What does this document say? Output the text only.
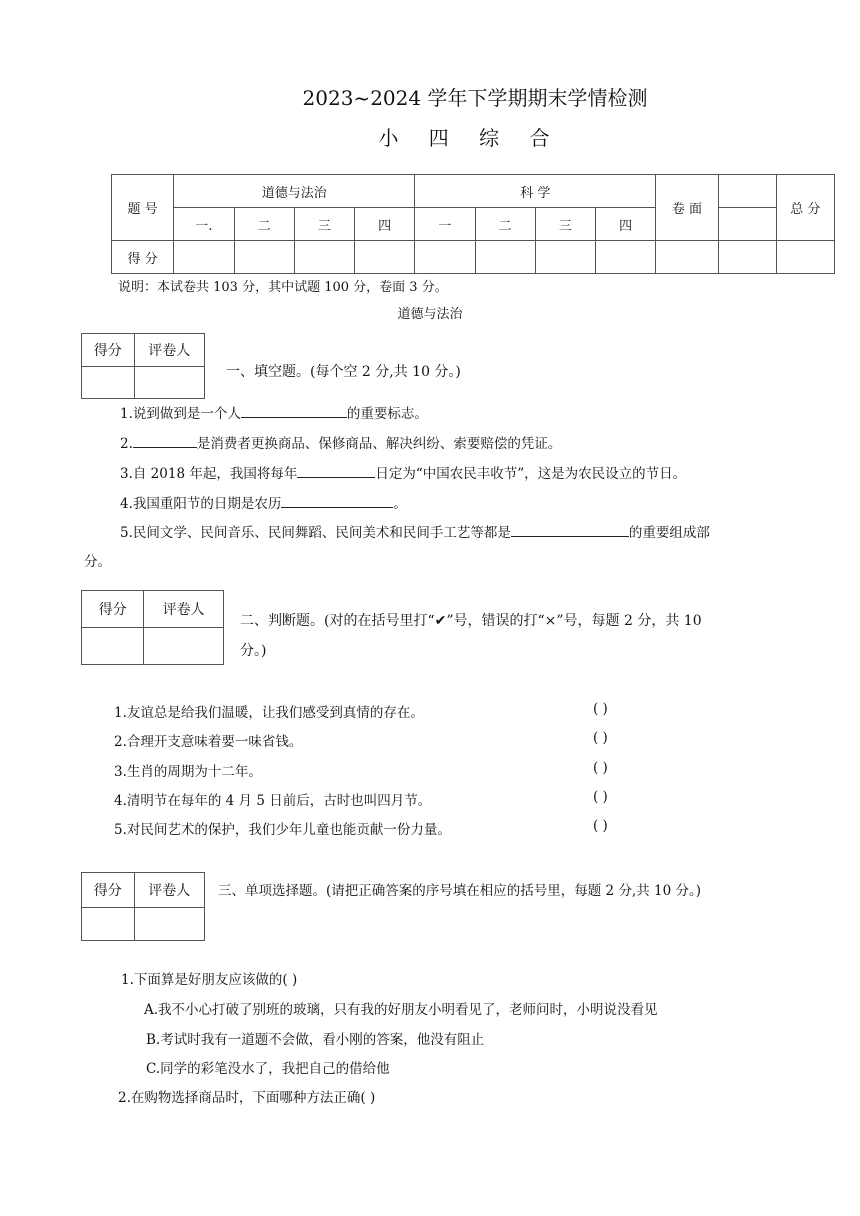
2023~2024 学年下学期期末学情检测
小 四 综 合
题 号	道德与法治				科 学				卷 面		总 分
	一.	二	三	四	一	二	三	四			
得 分											
说明：本试卷共 103 分，其中试题 100 分，卷面 3 分。
道德与法治
得分	评卷人

一、填空题。(每个空 2 分,共 10 分。)
1.说到做到是一个人	的重要标志。
2.	是消费者更换商品、保修商品、解决纠纷、索要赔偿的凭证。
3.自 2018 年起，我国将每年	日定为“中国农民丰收节”，这是为农民设立的节日。
4.我国重阳节的日期是农历	。
5.民间文学、民间音乐、民间舞蹈、民间美术和民间手工艺等都是	的重要组成部
分。
得分	评卷人

二、判断题。(对的在括号里打“✔”号，错误的打“×”号，每题 2 分，共 10
分。)
1.友谊总是给我们温暖，让我们感受到真情的存在。	( )
2.合理开支意味着要一味省钱。	( )
3.生肖的周期为十二年。	( )
4.清明节在每年的 4 月 5 日前后，古时也叫四月节。	( )
5.对民间艺术的保护，我们少年儿童也能贡献一份力量。	( )
得分	评卷人
	三、单项选择题。(请把正确答案的序号填在相应的括号里，每题 2 分,共 10 分。)
1.下面算是好朋友应该做的( )
A.我不小心打破了别班的玻璃，只有我的好朋友小明看见了，老师问时，小明说没看见
B.考试时我有一道题不会做，看小刚的答案，他没有阻止
C.同学的彩笔没水了，我把自己的借给他
2.在购物选择商品时，下面哪种方法正确( )
